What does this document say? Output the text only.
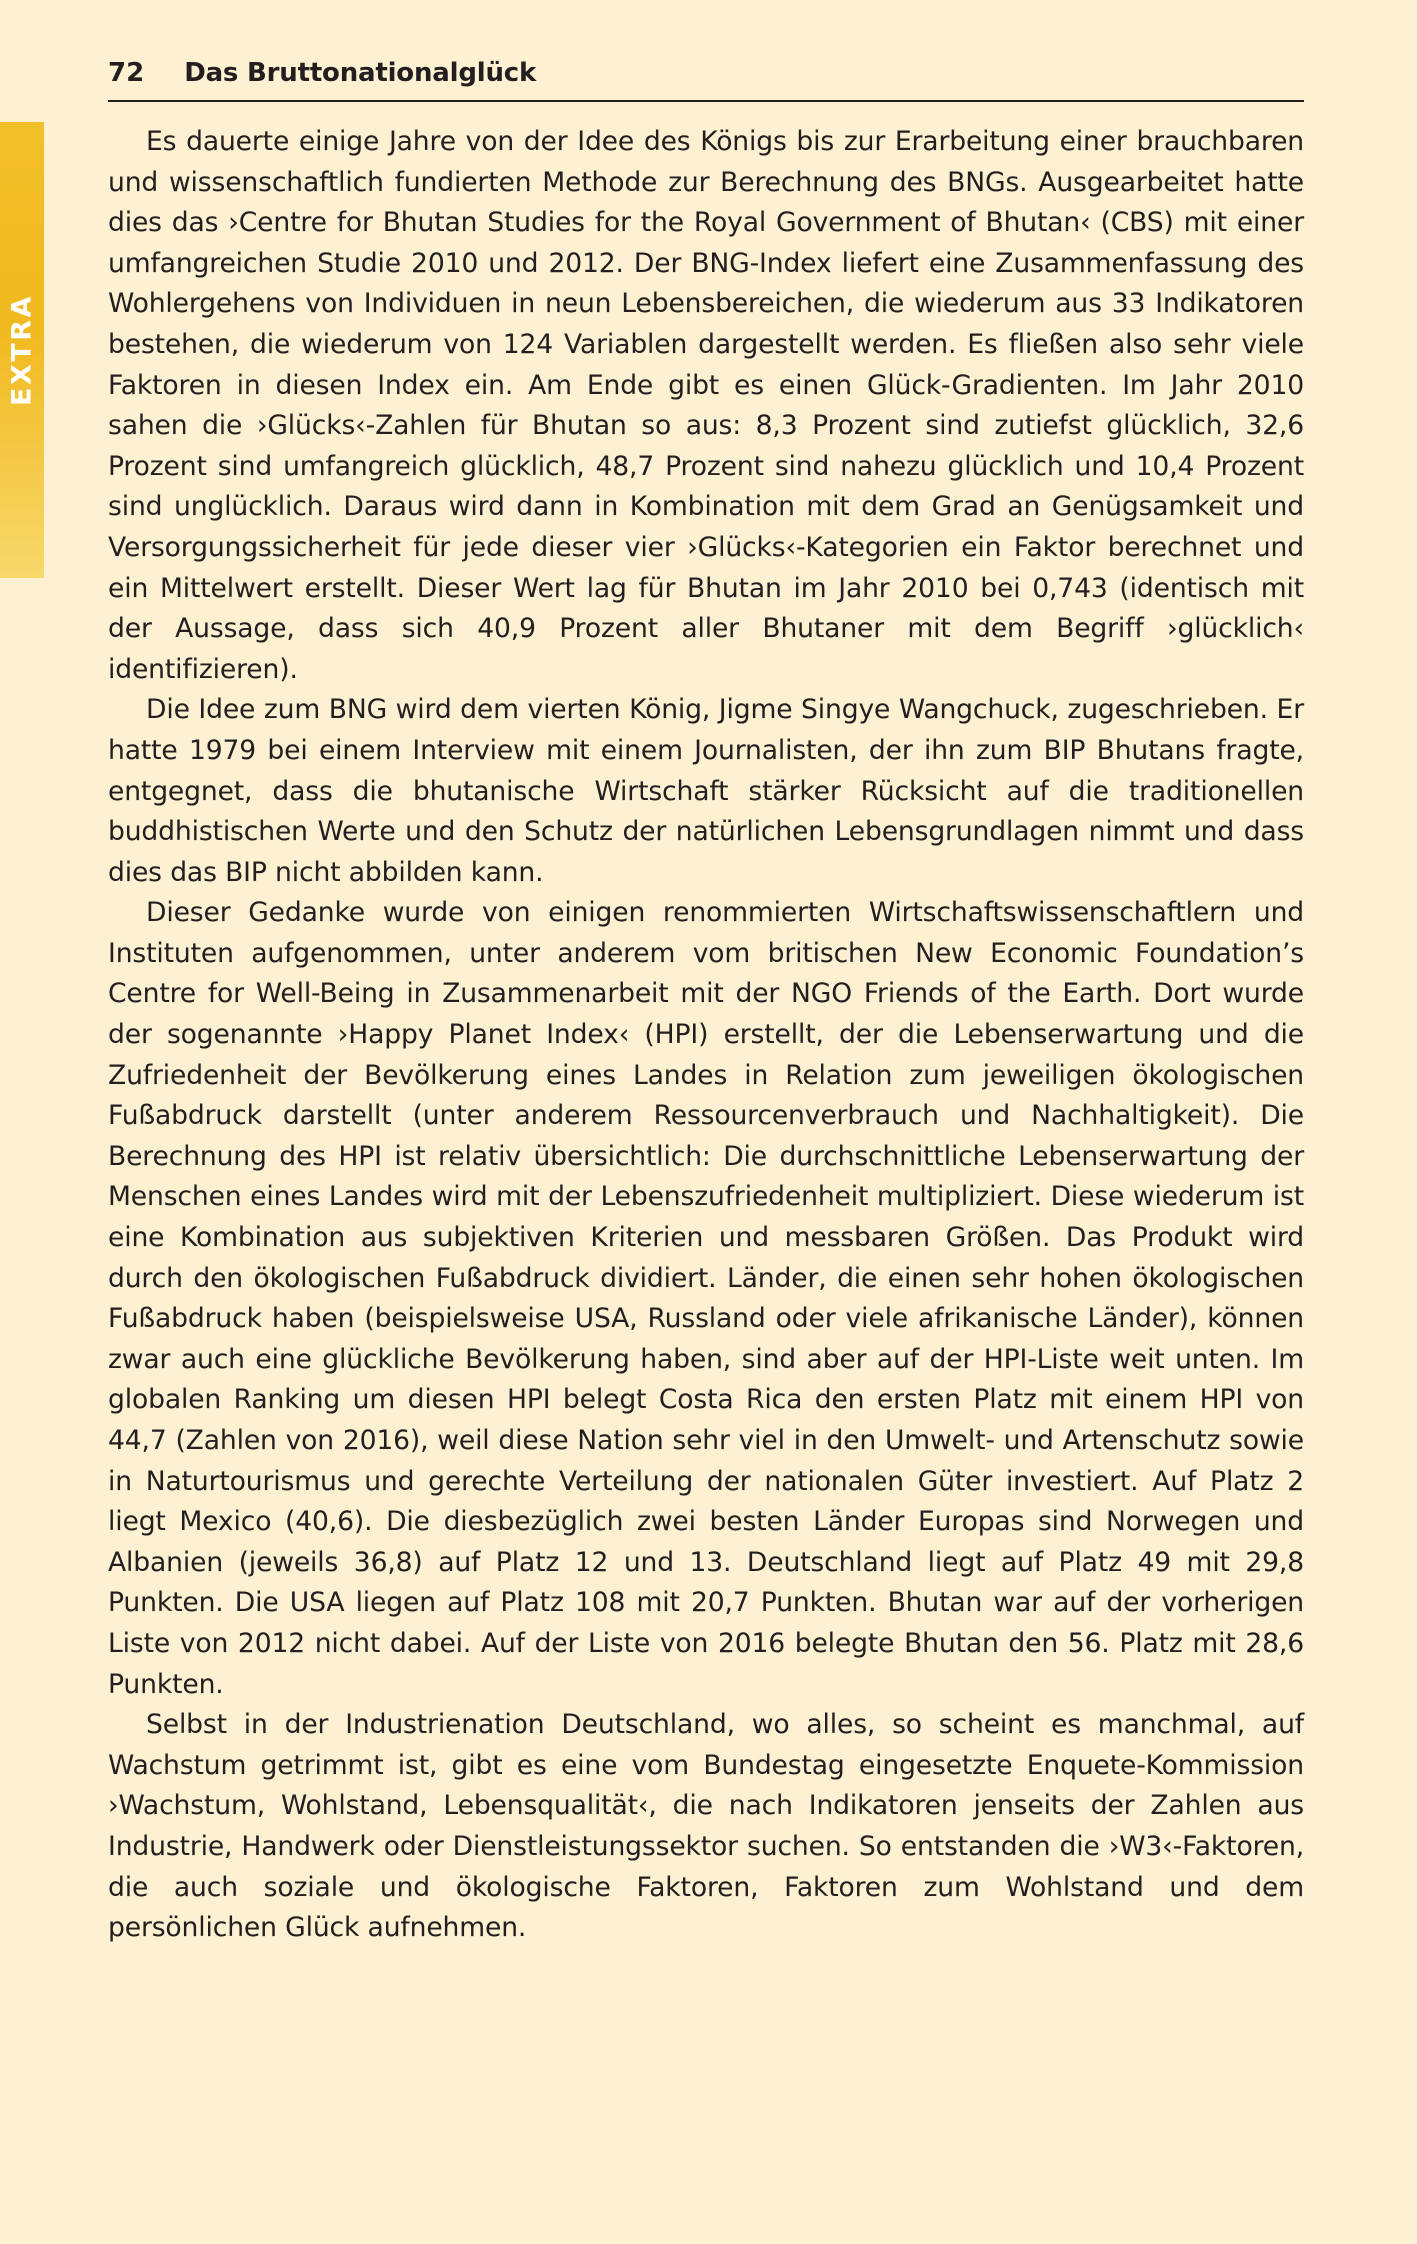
EXTRA
72 Das Bruttonationalglück

Es dauerte einige Jahre von der Idee des Königs bis zur Erarbeitung einer brauchbaren und wissenschaftlich fundierten Methode zur Berechnung des BNGs. Ausgearbeitet hatte dies das ›Centre for Bhutan Studies for the Royal Government of Bhutan‹ (CBS) mit einer umfangreichen Studie 2010 und 2012. Der BNG-Index liefert eine Zusammenfassung des Wohlergehens von Individuen in neun Lebensbereichen, die wiederum aus 33 Indikatoren bestehen, die wiederum von 124 Variablen dargestellt werden. Es fließen also sehr viele Faktoren in diesen Index ein. Am Ende gibt es einen Glück-Gradienten. Im Jahr 2010 sahen die ›Glücks‹-Zahlen für Bhutan so aus: 8,3 Prozent sind zutiefst glücklich, 32,6 Prozent sind umfangreich glücklich, 48,7 Prozent sind nahezu glücklich und 10,4 Prozent sind unglücklich. Daraus wird dann in Kombination mit dem Grad an Genügsamkeit und Versorgungssicherheit für jede dieser vier ›Glücks‹-Kategorien ein Faktor berechnet und ein Mittelwert erstellt. Dieser Wert lag für Bhutan im Jahr 2010 bei 0,743 (identisch mit der Aussage, dass sich 40,9 Prozent aller Bhutaner mit dem Begriff ›glücklich‹ identifizieren).

Die Idee zum BNG wird dem vierten König, Jigme Singye Wangchuck, zugeschrieben. Er hatte 1979 bei einem Interview mit einem Journalisten, der ihn zum BIP Bhutans fragte, entgegnet, dass die bhutanische Wirtschaft stärker Rücksicht auf die traditionellen buddhistischen Werte und den Schutz der natürlichen Lebensgrundlagen nimmt und dass dies das BIP nicht abbilden kann.

Dieser Gedanke wurde von einigen renommierten Wirtschaftswissenschaftlern und Instituten aufgenommen, unter anderem vom britischen New Economic Foundation’s Centre for Well-Being in Zusammenarbeit mit der NGO Friends of the Earth. Dort wurde der sogenannte ›Happy Planet Index‹ (HPI) erstellt, der die Lebenserwartung und die Zufriedenheit der Bevölkerung eines Landes in Relation zum jeweiligen ökologischen Fußabdruck darstellt (unter anderem Ressourcenverbrauch und Nachhaltigkeit). Die Berechnung des HPI ist relativ übersichtlich: Die durchschnittliche Lebenserwartung der Menschen eines Landes wird mit der Lebenszufriedenheit multipliziert. Diese wiederum ist eine Kombination aus subjektiven Kriterien und messbaren Größen. Das Produkt wird durch den ökologischen Fußabdruck dividiert. Länder, die einen sehr hohen ökologischen Fußabdruck haben (beispielsweise USA, Russland oder viele afrikanische Länder), können zwar auch eine glückliche Bevölkerung haben, sind aber auf der HPI-Liste weit unten. Im globalen Ranking um diesen HPI belegt Costa Rica den ersten Platz mit einem HPI von 44,7 (Zahlen von 2016), weil diese Nation sehr viel in den Umwelt- und Artenschutz sowie in Naturtourismus und gerechte Verteilung der nationalen Güter investiert. Auf Platz 2 liegt Mexico (40,6). Die diesbezüglich zwei besten Länder Europas sind Norwegen und Albanien (jeweils 36,8) auf Platz 12 und 13. Deutschland liegt auf Platz 49 mit 29,8 Punkten. Die USA liegen auf Platz 108 mit 20,7 Punkten. Bhutan war auf der vorherigen Liste von 2012 nicht dabei. Auf der Liste von 2016 belegte Bhutan den 56. Platz mit 28,6 Punkten.

Selbst in der Industrienation Deutschland, wo alles, so scheint es manchmal, auf Wachstum getrimmt ist, gibt es eine vom Bundestag eingesetzte Enquete-Kommission ›Wachstum, Wohlstand, Lebensqualität‹, die nach Indikatoren jenseits der Zahlen aus Industrie, Handwerk oder Dienstleistungssektor suchen. So entstanden die ›W3‹-Faktoren, die auch soziale und ökologische Faktoren, Faktoren zum Wohlstand und dem persönlichen Glück aufnehmen.
